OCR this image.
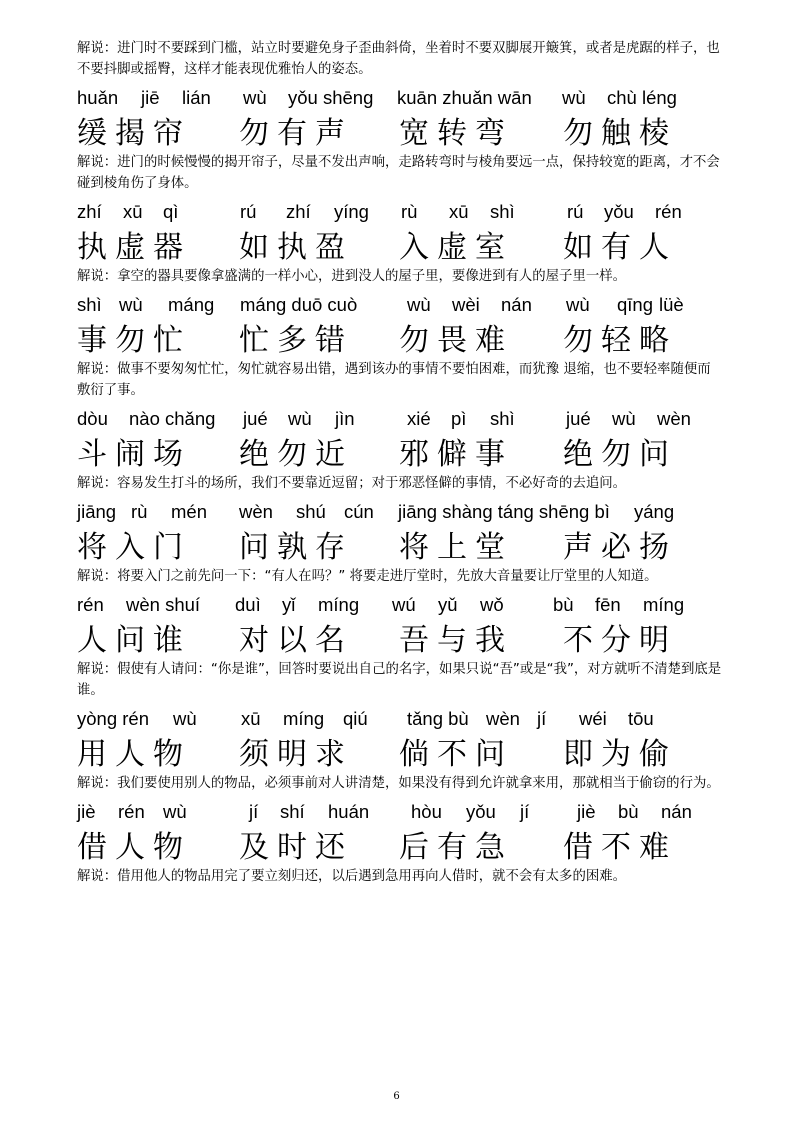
解说：进门时不要踩到门槛，站立时要避免身子歪曲斜倚，坐着时不要双脚展开簸箕，或者是虎踞的样子，也不要抖脚或摇臀，这样才能表现优雅怡人的姿态。

huǎn jiē lián wù yǒu shēng kuān zhuǎn wān wù chù léng
缓揭帘 勿有声 宽转弯 勿触棱

解说：进门的时候慢慢的揭开帘子，尽量不发出声响，走路转弯时与棱角要远一点，保持较宽的距离，才不会碰到棱角伤了身体。

zhí xū qì	rú zhí yíng rù xū shì	rú yǒu rén
执虚器 如执盈 入虚室 如有人

解说：拿空的器具要像拿盛满的一样小心，进到没人的屋子里，要像进到有人的屋子里一样。

shì wù máng máng duō cuò	wù wèi nán wù qīng lüè
事勿忙 忙多错 勿畏难 勿轻略

解说：做事不要匆匆忙忙，匆忙就容易出错，遇到该办的事情不要怕困难，而犹豫 退缩，也不要轻率随便而敷衍了事。

dòu nào chǎng jué wù jìn	xié pì shì	jué wù wèn
斗闹场 绝勿近 邪僻事 绝勿问

解说：容易发生打斗的场所，我们不要靠近逗留；对于邪恶怪僻的事情，不必好奇的去追问。

jiāng rù mén wèn shú cún jiāng shàng táng shēng bì yáng
将入门 问孰存 将上堂 声必扬

解说：将要入门之前先问一下：“有人在吗？” 将要走进厅堂时，先放大音量要让厅堂里的人知道。

rén wèn shuí duì yǐ míng wú yǔ wǒ	bù fēn míng
人问谁 对以名 吾与我 不分明

解说：假使有人请问：“你是谁”，回答时要说出自己的名字，如果只说“吾”或是“我”，对方就听不清楚到底是谁。

yòng rén wù xū míng qiú tǎng bù wèn jí wéi tōu
用人物 须明求 倘不问 即为偷

解说：我们要使用别人的物品，必须事前对人讲清楚，如果没有得到允许就拿来用，那就相当于偷窃的行为。

jiè rén wù	jí shí huán hòu yǒu jí	jiè bù nán
借人物 及时还 后有急 借不难

解说：借用他人的物品用完了要立刻归还，以后遇到急用再向人借时，就不会有太多的困难。

6
